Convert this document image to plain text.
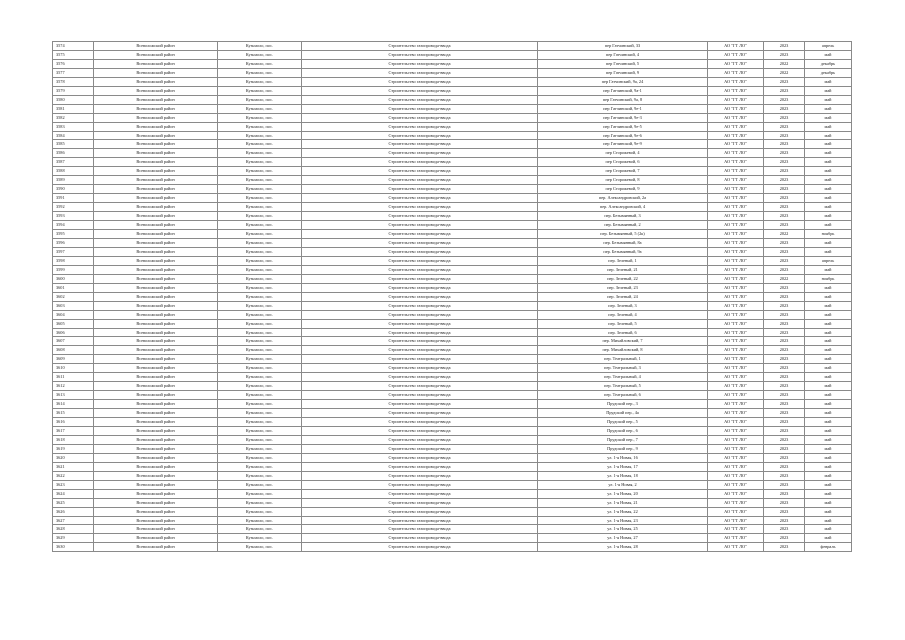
3574	Всеволожский район	Кузьмоло, пос.	Строительство газопровода-ввода	пер Гатчинский, 33	АО "ГТ ЛО"	2023	апрель
3575	Всеволожский район	Кузьмоло, пос.	Строительство газопровода-ввода	пер Гатчинский, 4	АО "ГТ ЛО"	2023	май
3576	Всеволожский район	Кузьмоло, пос.	Строительство газопровода-ввода	пер Гатчинский, 5	АО "ГТ ЛО"	2022	декабрь
3577	Всеволожский район	Кузьмоло, пос.	Строительство газопровода-ввода	пер Гатчинский, 9	АО "ГТ ЛО"	2022	декабрь
3578	Всеволожский район	Кузьмоло, пос.	Строительство газопровода-ввода	пер Гатчинский, 9а, 24	АО "ГТ ЛО"	2023	май
3579	Всеволожский район	Кузьмоло, пос.	Строительство газопровода-ввода	пер Гатчинский, 9а-1	АО "ГТ ЛО"	2023	май
3580	Всеволожский район	Кузьмоло, пос.	Строительство газопровода-ввода	пер Гатчинский, 9а, 8	АО "ГТ ЛО"	2023	май
3581	Всеволожский район	Кузьмоло, пос.	Строительство газопровода-ввода	пер Гатчинский, 9е-1	АО "ГТ ЛО"	2023	май
3582	Всеволожский район	Кузьмоло, пос.	Строительство газопровода-ввода	пер Гатчинский, 9е-3	АО "ГТ ЛО"	2023	май
3583	Всеволожский район	Кузьмоло, пос.	Строительство газопровода-ввода	пер Гатчинский, 9е-5	АО "ГТ ЛО"	2023	май
3584	Всеволожский район	Кузьмоло, пос.	Строительство газопровода-ввода	пер Гатчинский, 9е-6	АО "ГТ ЛО"	2023	май
3585	Всеволожский район	Кузьмоло, пос.	Строительство газопровода-ввода	пер Гатчинский, 9е-9	АО "ГТ ЛО"	2023	май
3586	Всеволожский район	Кузьмоло, пос.	Строительство газопровода-ввода	пер Сторожевой, 4	АО "ГТ ЛО"	2023	май
3587	Всеволожский район	Кузьмоло, пос.	Строительство газопровода-ввода	пер Сторожевой, 6	АО "ГТ ЛО"	2023	май
3588	Всеволожский район	Кузьмоло, пос.	Строительство газопровода-ввода	пер Сторожевой, 7	АО "ГТ ЛО"	2023	май
3589	Всеволожский район	Кузьмоло, пос.	Строительство газопровода-ввода	пер Сторожевой, 8	АО "ГТ ЛО"	2023	май
3590	Всеволожский район	Кузьмоло, пос.	Строительство газопровода-ввода	пер Сторожевой, 9	АО "ГТ ЛО"	2023	май
3591	Всеволожский район	Кузьмоло, пос.	Строительство газопровода-ввода	пер. Александровский, 2а	АО "ГТ ЛО"	2023	май
3592	Всеволожский район	Кузьмоло, пос.	Строительство газопровода-ввода	пер. Александровский, 4	АО "ГТ ЛО"	2023	май
3593	Всеволожский район	Кузьмоло, пос.	Строительство газопровода-ввода	пер. Безымянный, 3	АО "ГТ ЛО"	2023	май
3594	Всеволожский район	Кузьмоло, пос.	Строительство газопровода-ввода	пер. Безымянный, 2	АО "ГТ ЛО"	2023	май
3595	Всеволожский район	Кузьмоло, пос.	Строительство газопровода-ввода	пер. Безымянный, 5 (2к)	АО "ГТ ЛО"	2022	ноябрь
3596	Всеволожский район	Кузьмоло, пос.	Строительство газопровода-ввода	пер. Безымянный, 8а	АО "ГТ ЛО"	2023	май
3597	Всеволожский район	Кузьмоло, пос.	Строительство газопровода-ввода	пер. Безымянный, 9а	АО "ГТ ЛО"	2023	май
3598	Всеволожский район	Кузьмоло, пос.	Строительство газопровода-ввода	пер. Зеленый, 1	АО "ГТ ЛО"	2023	апрель
3599	Всеволожский район	Кузьмоло, пос.	Строительство газопровода-ввода	пер. Зеленый, 21	АО "ГТ ЛО"	2023	май
3600	Всеволожский район	Кузьмоло, пос.	Строительство газопровода-ввода	пер. Зеленый, 22	АО "ГТ ЛО"	2022	ноябрь
3601	Всеволожский район	Кузьмоло, пос.	Строительство газопровода-ввода	пер. Зеленый, 23	АО "ГТ ЛО"	2023	май
3602	Всеволожский район	Кузьмоло, пос.	Строительство газопровода-ввода	пер. Зеленый, 24	АО "ГТ ЛО"	2023	май
3603	Всеволожский район	Кузьмоло, пос.	Строительство газопровода-ввода	пер. Зеленый, 3	АО "ГТ ЛО"	2023	май
3604	Всеволожский район	Кузьмоло, пос.	Строительство газопровода-ввода	пер. Зеленый, 4	АО "ГТ ЛО"	2023	май
3605	Всеволожский район	Кузьмоло, пос.	Строительство газопровода-ввода	пер. Зеленый, 5	АО "ГТ ЛО"	2023	май
3606	Всеволожский район	Кузьмоло, пос.	Строительство газопровода-ввода	пер. Зеленый, 6	АО "ГТ ЛО"	2023	май
3607	Всеволожский район	Кузьмоло, пос.	Строительство газопровода-ввода	пер. Михайловский, 7	АО "ГТ ЛО"	2023	май
3608	Всеволожский район	Кузьмоло, пос.	Строительство газопровода-ввода	пер. Михайловский, 8	АО "ГТ ЛО"	2023	май
3609	Всеволожский район	Кузьмоло, пос.	Строительство газопровода-ввода	пер. Театральный, 1	АО "ГТ ЛО"	2023	май
3610	Всеволожский район	Кузьмоло, пос.	Строительство газопровода-ввода	пер. Театральный, 3	АО "ГТ ЛО"	2023	май
3611	Всеволожский район	Кузьмоло, пос.	Строительство газопровода-ввода	пер. Театральный, 4	АО "ГТ ЛО"	2023	май
3612	Всеволожский район	Кузьмоло, пос.	Строительство газопровода-ввода	пер. Театральный, 5	АО "ГТ ЛО"	2023	май
3613	Всеволожский район	Кузьмоло, пос.	Строительство газопровода-ввода	пер. Театральный, 6	АО "ГТ ЛО"	2023	май
3614	Всеволожский район	Кузьмоло, пос.	Строительство газопровода-ввода	Прудский пер., 3	АО "ГТ ЛО"	2023	май
3615	Всеволожский район	Кузьмоло, пос.	Строительство газопровода-ввода	Прудский пер., 4а	АО "ГТ ЛО"	2023	май
3616	Всеволожский район	Кузьмоло, пос.	Строительство газопровода-ввода	Прудский пер., 5	АО "ГТ ЛО"	2023	май
3617	Всеволожский район	Кузьмоло, пос.	Строительство газопровода-ввода	Прудский пер., 6	АО "ГТ ЛО"	2023	май
3618	Всеволожский район	Кузьмоло, пос.	Строительство газопровода-ввода	Прудский пер., 7	АО "ГТ ЛО"	2023	май
3619	Всеволожский район	Кузьмоло, пос.	Строительство газопровода-ввода	Прудский пер., 9	АО "ГТ ЛО"	2023	май
3620	Всеволожский район	Кузьмоло, пос.	Строительство газопровода-ввода	ул. 1-я Новая, 16	АО "ГТ ЛО"	2023	май
3621	Всеволожский район	Кузьмоло, пос.	Строительство газопровода-ввода	ул. 1-я Новая, 17	АО "ГТ ЛО"	2023	май
3622	Всеволожский район	Кузьмоло, пос.	Строительство газопровода-ввода	ул. 1-я Новая, 18	АО "ГТ ЛО"	2023	май
3623	Всеволожский район	Кузьмоло, пос.	Строительство газопровода-ввода	ул. 1-я Новая, 2	АО "ГТ ЛО"	2023	май
3624	Всеволожский район	Кузьмоло, пос.	Строительство газопровода-ввода	ул. 1-я Новая, 20	АО "ГТ ЛО"	2023	май
3625	Всеволожский район	Кузьмоло, пос.	Строительство газопровода-ввода	ул. 1-я Новая, 21	АО "ГТ ЛО"	2023	май
3626	Всеволожский район	Кузьмоло, пос.	Строительство газопровода-ввода	ул. 1-я Новая, 22	АО "ГТ ЛО"	2023	май
3627	Всеволожский район	Кузьмоло, пос.	Строительство газопровода-ввода	ул. 1-я Новая, 23	АО "ГТ ЛО"	2023	май
3628	Всеволожский район	Кузьмоло, пос.	Строительство газопровода-ввода	ул. 1-я Новая, 25	АО "ГТ ЛО"	2023	май
3629	Всеволожский район	Кузьмоло, пос.	Строительство газопровода-ввода	ул. 1-я Новая, 27	АО "ГТ ЛО"	2023	май
3630	Всеволожский район	Кузьмоло, пос.	Строительство газопровода-ввода	ул. 1-я Новая, 28	АО "ГТ ЛО"	2023	февраль
